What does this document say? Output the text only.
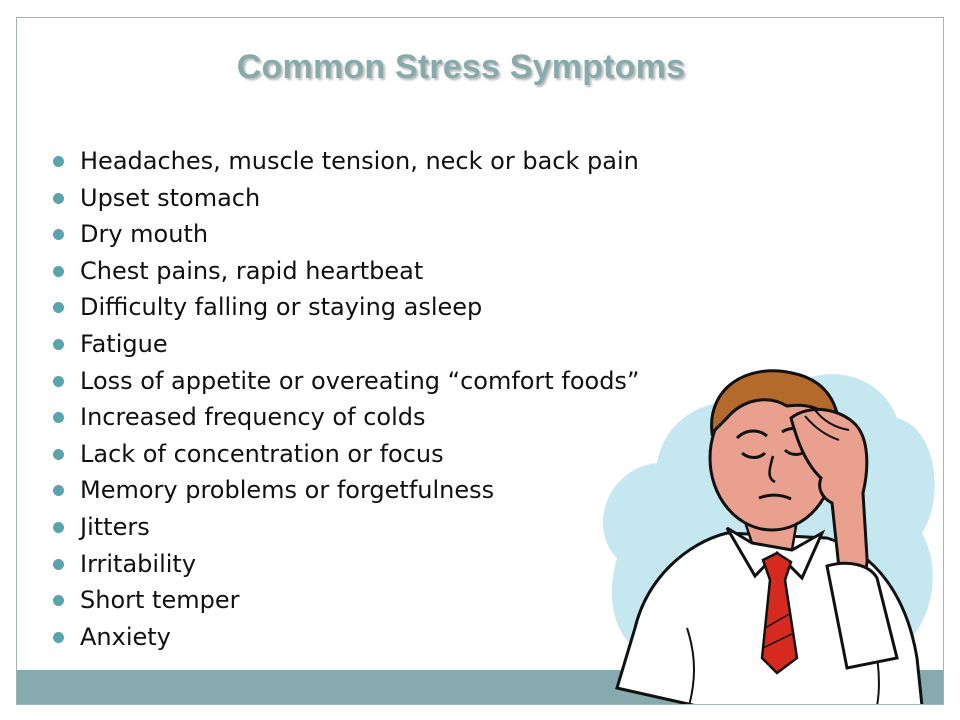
Common Stress Symptoms
Headaches, muscle tension, neck or back pain
Upset stomach
Dry mouth
Chest pains, rapid heartbeat
Difficulty falling or staying asleep
Fatigue
Loss of appetite or overeating “comfort foods”
Increased frequency of colds
Lack of concentration or focus
Memory problems or forgetfulness
Jitters
Irritability
Short temper
Anxiety
